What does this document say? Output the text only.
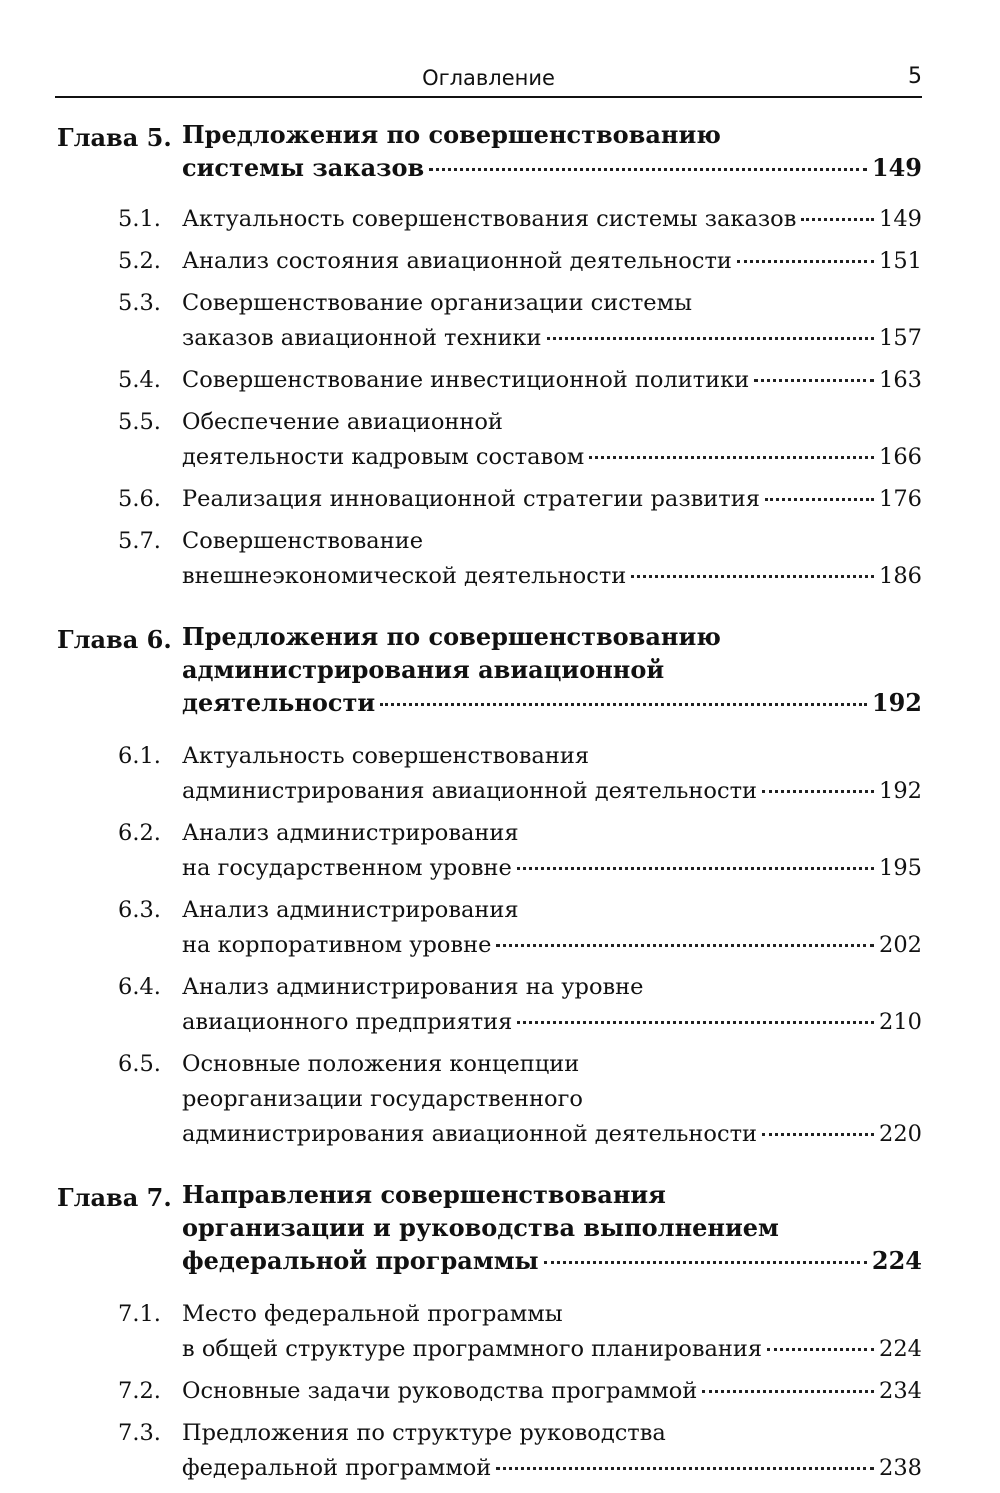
Оглавление	5
Глава 5. Предложения по совершенствованию
системы заказов	149
5.1. Актуальность совершенствования системы заказов	149
5.2. Анализ состояния авиационной деятельности	151
5.3. Совершенствование организации системы
заказов авиационной техники	157
5.4. Совершенствование инвестиционной политики	163
5.5. Обеспечение авиационной
деятельности кадровым составом	166
5.6. Реализация инновационной стратегии развития	176
5.7. Совершенствование
внешнеэкономической деятельности	186
Глава 6. Предложения по совершенствованию
администрирования авиационной
деятельности	192
6.1. Актуальность совершенствования
администрирования авиационной деятельности	192
6.2. Анализ администрирования
на государственном уровне	195
6.3. Анализ администрирования
на корпоративном уровне	202
6.4. Анализ администрирования на уровне
авиационного предприятия	210
6.5. Основные положения концепции
реорганизации государственного
администрирования авиационной деятельности	220
Глава 7. Направления совершенствования
организации и руководства выполнением
федеральной программы	224
7.1. Место федеральной программы
в общей структуре программного планирования	224
7.2. Основные задачи руководства программой	234
7.3. Предложения по структуре руководства
федеральной программой	238
